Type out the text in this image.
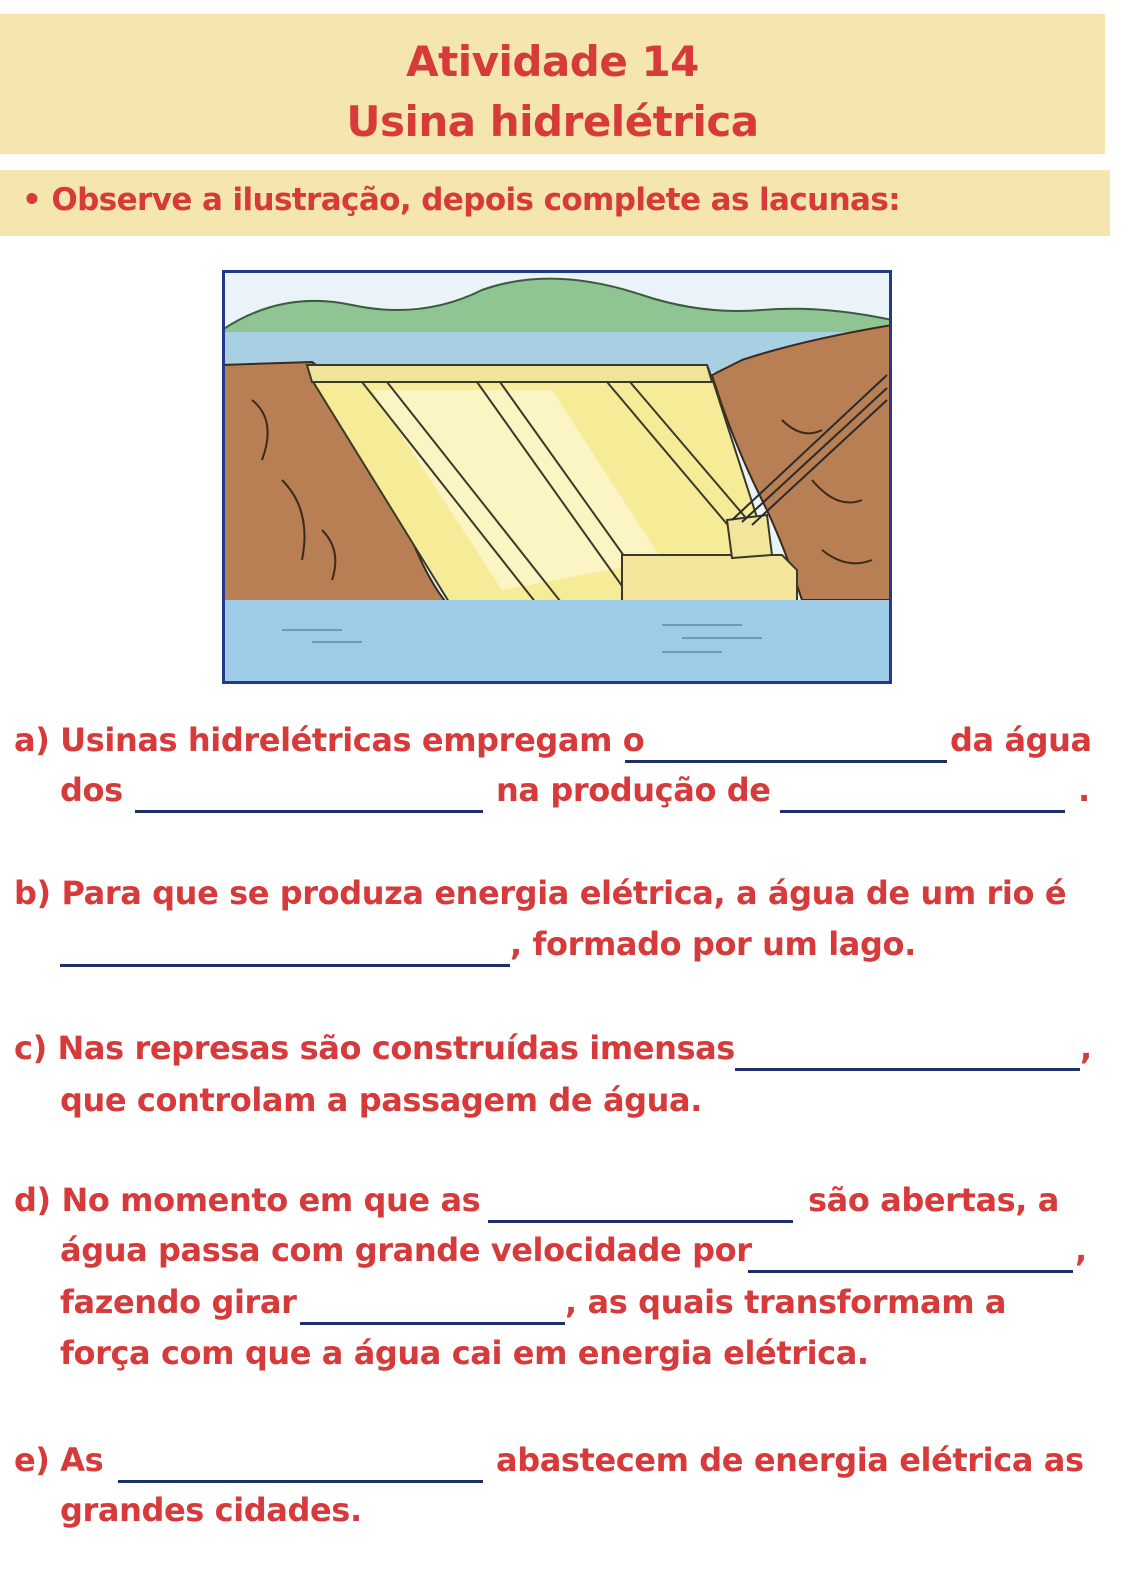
Atividade 14
Usina hidrelétrica
• Observe a ilustração, depois complete as lacunas:
a) Usinas hidrelétricas empregam o	da água
dos	na produção de	.
b) Para que se produza energia elétrica, a água de um rio é
, formado por um lago.
c) Nas represas são construídas imensas	,
que controlam a passagem de água.
d) No momento em que as	são abertas, a
água passa com grande velocidade por	,
fazendo girar	, as quais transformam a
força com que a água cai em energia elétrica.
e) As	abastecem de energia elétrica as
grandes cidades.
